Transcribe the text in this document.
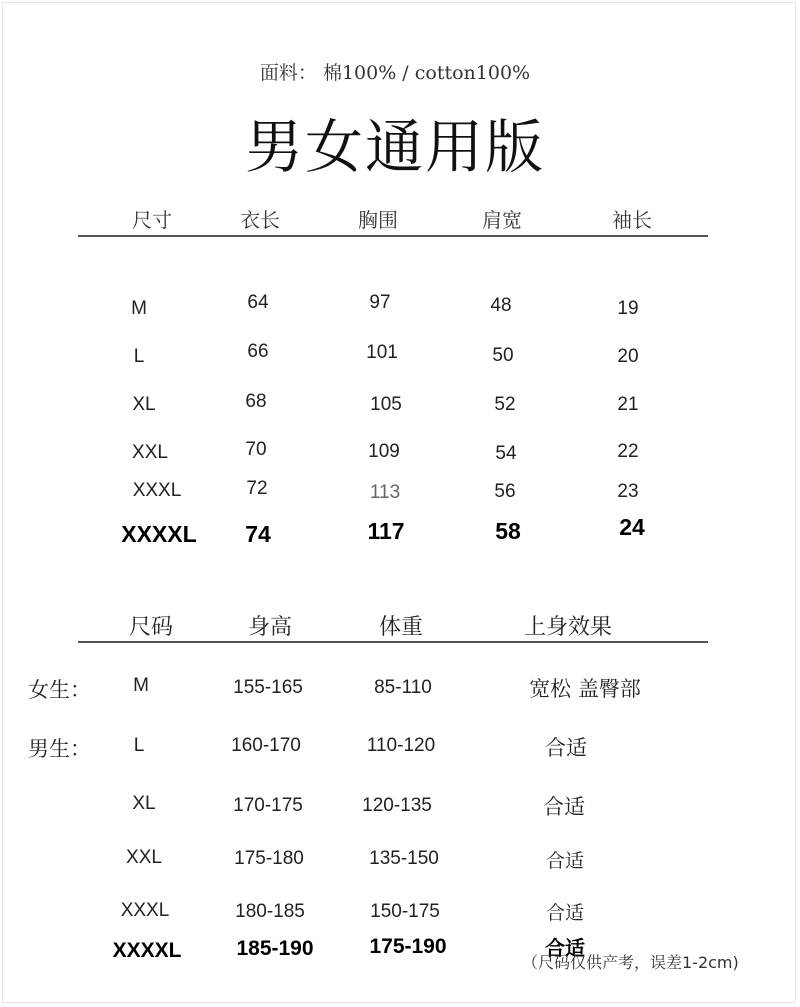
面料： 棉100% / cotton100%
男女通用版
尺寸	衣长	胸围	肩宽	袖长
M	64	97	48	19
L	66	101	50	20
XL	68	105	52	21
XXL	70	109	54	22
XXXL	72	113	56	23
XXXXL 74	117	58	24
尺码	身高	体重	上身效果
女生：
男生：
M	155-165	85-110	宽松 盖臀部
L	160-170	110-120	合适
XL	170-175	120-135	合适
XXL	175-180	135-150	合适
XXXL	180-185	150-175	合适
XXXXL	185-190	175-190	合适
（尺码仅供产考，误差1-2cm)
